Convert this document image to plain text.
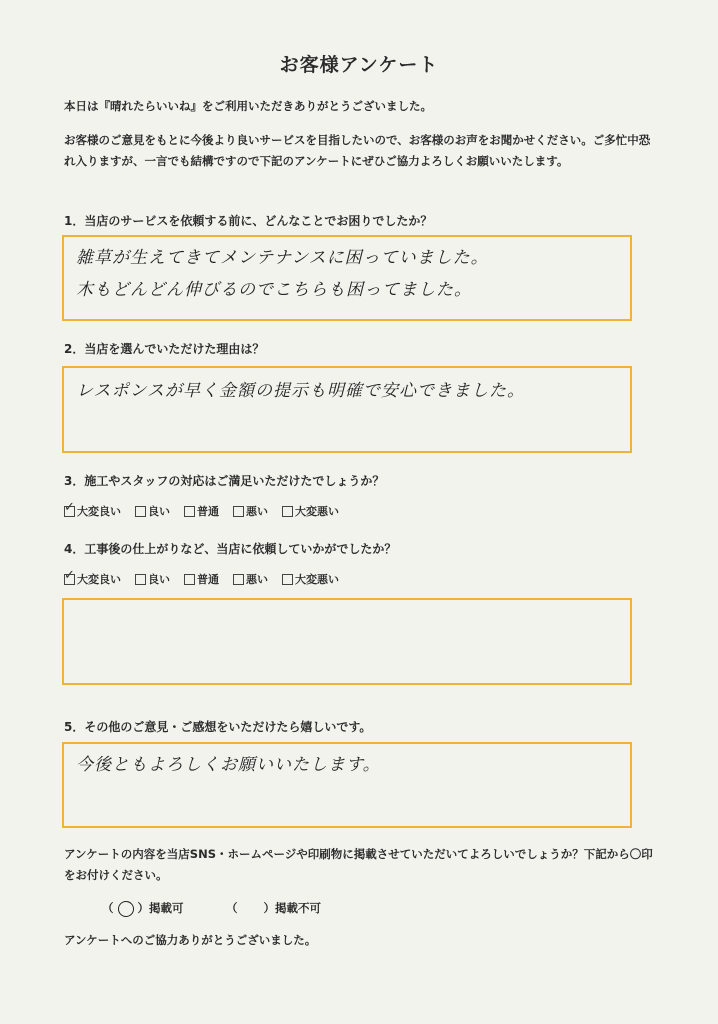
お客様アンケート

本日は『晴れたらいいね』をご利用いただきありがとうございました。

お客様のご意見をもとに今後より良いサービスを目指したいので、お客様のお声をお聞かせください。ご多忙中恐れ入りますが、一言でも結構ですので下記のアンケートにぜひご協力よろしくお願いいたします。

1．当店のサービスを依頼する前に、どんなことでお困りでしたか？

雑草が生えてきてメンテナンスに困っていました。

木もどんどん伸びるのでこちらも困ってました。

2．当店を選んでいただけた理由は？

レスポンスが早く金額の提示も明確で安心できました。

3．施工やスタッフの対応はご満足いただけたでしょうか？

✓
大変良い 良い 普通 悪い 大変悪い

4．工事後の仕上がりなど、当店に依頼していかがでしたか？

✓
大変良い 良い 普通 悪い 大変悪い

5．その他のご意見・ご感想をいただけたら嬉しいです。

今後ともよろしくお願いいたします。

アンケートの内容を当店SNS・ホームページや印刷物に掲載させていただいてよろしいでしょうか？下記から〇印をお付けください。

（ ○ ）掲載可	（ ）掲載不可

アンケートへのご協力ありがとうございました。
